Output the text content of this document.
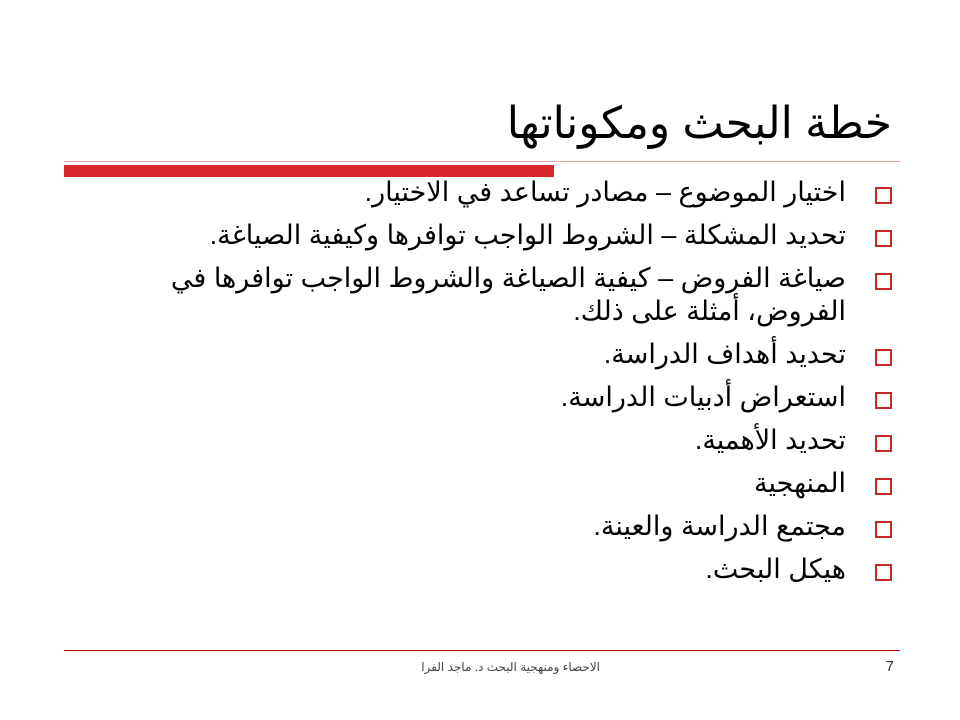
خطة البحث ومكوناتها
اختيار الموضوع – مصادر تساعد في الاختيار.
تحديد المشكلة – الشروط الواجب توافرها وكيفية الصياغة.
صياغة الفروض – كيفية الصياغة والشروط الواجب توافرها في الفروض، أمثلة على ذلك.
تحديد أهداف الدراسة.
استعراض أدبيات الدراسة.
تحديد الأهمية.
المنهجية
مجتمع الدراسة والعينة.
هيكل البحث.
الاحصاء ومنهجية البحث د. ماجد الفرا	7
